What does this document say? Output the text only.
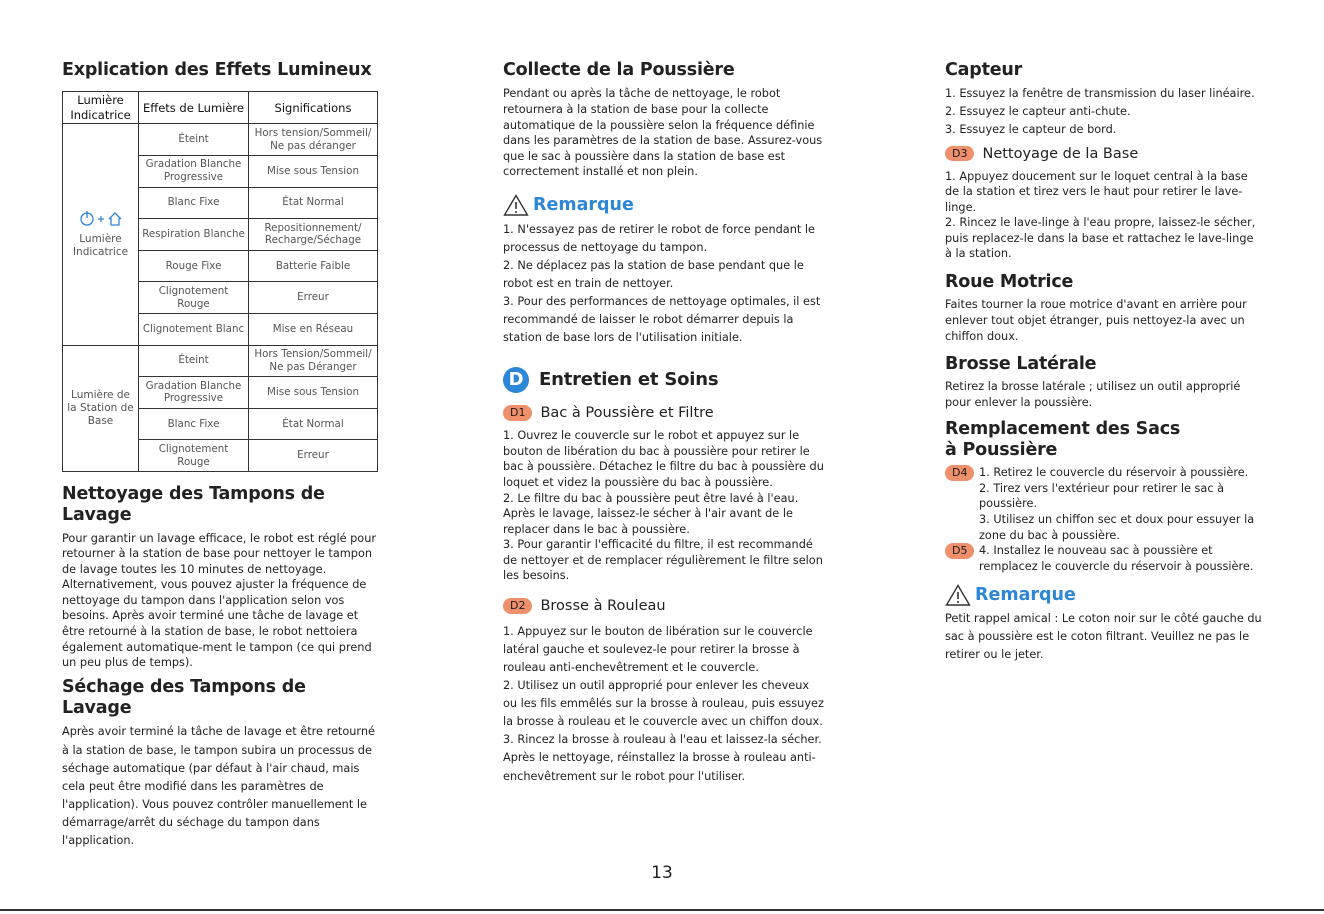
Explication des Effets Lumineux
Lumière Indicatrice	Effets de Lumière	Significations

Lumière
Indicatrice	Éteint	Hors tension/Sommeil/ Ne pas déranger
	Gradation Blanche Progressive	Mise sous Tension
	Blanc Fixe	État Normal
	Respiration Blanche	Repositionnement/ Recharge/Séchage
	Rouge Fixe	Batterie Faible
	Clignotement Rouge	Erreur
	Clignotement Blanc	Mise en Réseau
Lumière de la Station de Base	Éteint	Hors Tension/Sommeil/ Ne pas Déranger
	Gradation Blanche Progressive	Mise sous Tension
	Blanc Fixe	État Normal
	Clignotement Rouge	Erreur
Nettoyage des Tampons de Lavage

Pour garantir un lavage efficace, le robot est réglé pour retourner à la station de base pour nettoyer le tampon de lavage toutes les 10 minutes de nettoyage. Alternativement, vous pouvez ajuster la fréquence de nettoyage du tampon dans l'application selon vos besoins. Après avoir terminé une tâche de lavage et être retourné à la station de base, le robot nettoiera également automatique-ment le tampon (ce qui prend un peu plus de temps).

Séchage des Tampons de Lavage

Après avoir terminé la tâche de lavage et être retourné à la station de base, le tampon subira un processus de séchage automatique (par défaut à l'air chaud, mais cela peut être modifié dans les paramètres de l'application). Vous pouvez contrôler manuellement le démarrage/arrêt du séchage du tampon dans l'application.

Collecte de la Poussière

Pendant ou après la tâche de nettoyage, le robot retournera à la station de base pour la collecte automatique de la poussière selon la fréquence définie dans les paramètres de la station de base. Assurez-vous que le sac à poussière dans la station de base est correctement installé et non plein.

Remarque

1. N'essayez pas de retirer le robot de force pendant le processus de nettoyage du tampon.

2. Ne déplacez pas la station de base pendant que le robot est en train de nettoyer.

3. Pour des performances de nettoyage optimales, il est recommandé de laisser le robot démarrer depuis la station de base lors de l'utilisation initiale.

D Entretien et Soins
D1	Bac à Poussière et Filtre

1. Ouvrez le couvercle sur le robot et appuyez sur le bouton de libération du bac à poussière pour retirer le bac à poussière. Détachez le filtre du bac à poussière du loquet et videz la poussière du bac à poussière.

2. Le filtre du bac à poussière peut être lavé à l'eau. Après le lavage, laissez-le sécher à l'air avant de le replacer dans le bac à poussière.

3. Pour garantir l'efficacité du filtre, il est recommandé de nettoyer et de remplacer régulièrement le filtre selon les besoins.

D2	Brosse à Rouleau

1. Appuyez sur le bouton de libération sur le couvercle latéral gauche et soulevez-le pour retirer la brosse à rouleau anti-enchevêtrement et le couvercle.

2. Utilisez un outil approprié pour enlever les cheveux ou les fils emmêlés sur la brosse à rouleau, puis essuyez la brosse à rouleau et le couvercle avec un chiffon doux.

3. Rincez la brosse à rouleau à l'eau et laissez-la sécher. Après le nettoyage, réinstallez la brosse à rouleau anti-enchevêtrement sur le robot pour l'utiliser.

Capteur

1. Essuyez la fenêtre de transmission du laser linéaire.

2. Essuyez le capteur anti-chute.

3. Essuyez le capteur de bord.

D3	Nettoyage de la Base

1. Appuyez doucement sur le loquet central à la base de la station et tirez vers le haut pour retirer le lave-linge.

2. Rincez le lave-linge à l'eau propre, laissez-le sécher, puis replacez-le dans la base et rattachez le lave-linge à la station.

Roue Motrice

Faites tourner la roue motrice d'avant en arrière pour enlever tout objet étranger, puis nettoyez-la avec un chiffon doux.

Brosse Latérale

Retirez la brosse latérale ; utilisez un outil approprié pour enlever la poussière.

Remplacement des Sacs
à Poussière
D4	1. Retirez le couvercle du réservoir à poussière.

2. Tirez vers l'extérieur pour retirer le sac à poussière.

3. Utilisez un chiffon sec et doux pour essuyer la zone du bac à poussière.

D5	4. Installez le nouveau sac à poussière et remplacez le couvercle du réservoir à poussière.

Remarque

Petit rappel amical : Le coton noir sur le côté gauche du sac à poussière est le coton filtrant. Veuillez ne pas le retirer ou le jeter.

13
